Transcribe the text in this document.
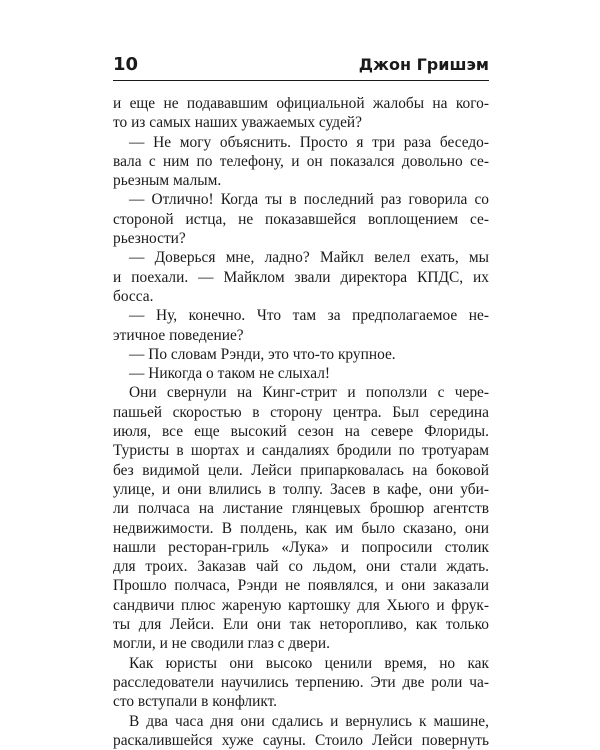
10	Джон Гришэм
и еще не подававшим официальной жалобы на кого-
то из самых наших уважаемых судей?
— Не могу объяснить. Просто я три раза беседо-
вала с ним по телефону, и он показался довольно се-
рьезным малым.
— Отлично! Когда ты в последний раз говорила со
стороной истца, не показавшейся воплощением се-
рьезности?
— Доверься мне, ладно? Майкл велел ехать, мы
и поехали. — Майклом звали директора КПДС, их
босса.
— Ну, конечно. Что там за предполагаемое не-
этичное поведение?
— По словам Рэнди, это что-то крупное.
— Никогда о таком не слыхал!
Они свернули на Кинг-стрит и поползли с чере-
пашьей скоростью в сторону центра. Был середина
июля, все еще высокий сезон на севере Флориды.
Туристы в шортах и сандалиях бродили по тротуарам
без видимой цели. Лейси припарковалась на боковой
улице, и они влились в толпу. Засев в кафе, они уби-
ли полчаса на листание глянцевых брошюр агентств
недвижимости. В полдень, как им было сказано, они
нашли ресторан-гриль «Лука» и попросили столик
для троих. Заказав чай со льдом, они стали ждать.
Прошло полчаса, Рэнди не появлялся, и они заказали
сандвичи плюс жареную картошку для Хьюго и фрук-
ты для Лейси. Ели они так неторопливо, как только
могли, и не сводили глаз с двери.
Как юристы они высоко ценили время, но как
расследователи научились терпению. Эти две роли ча-
сто вступали в конфликт.
В два часа дня они сдались и вернулись к машине,
раскалившейся хуже сауны. Стоило Лейси повернуть
